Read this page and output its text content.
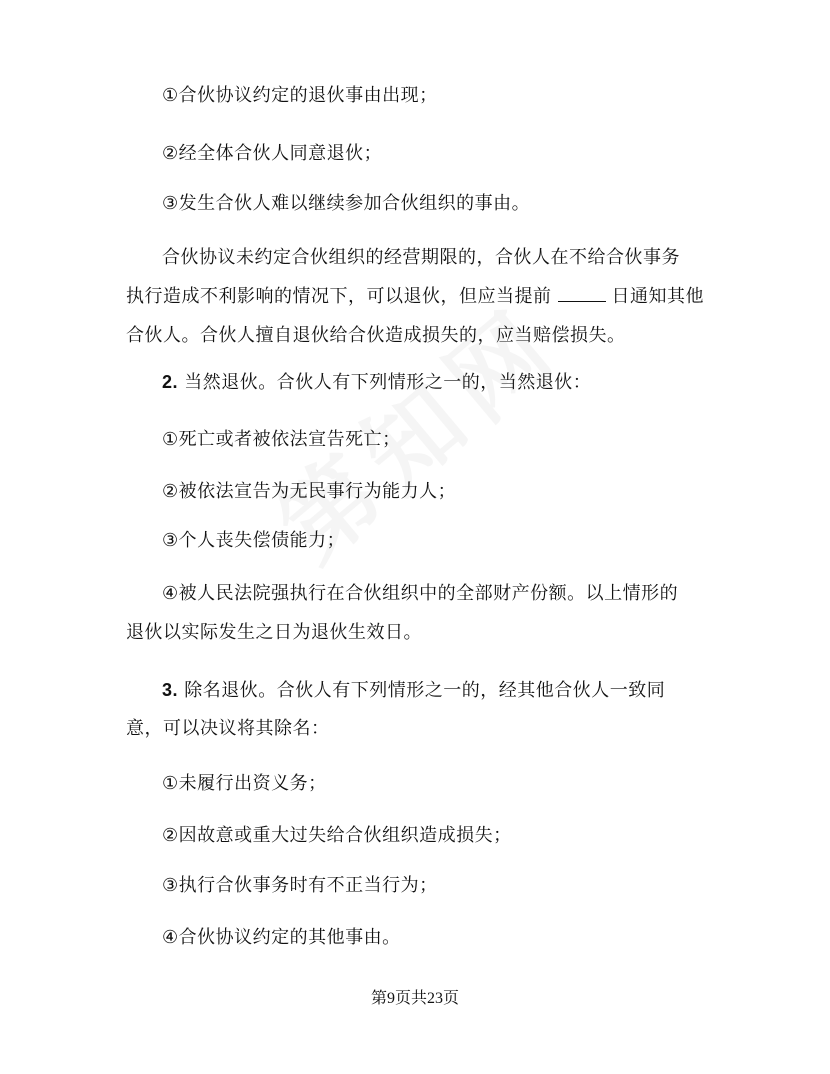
①合伙协议约定的退伙事由出现；
②经全体合伙人同意退伙；
③发生合伙人难以继续参加合伙组织的事由。
合伙协议未约定合伙组织的经营期限的，合伙人在不给合伙事务
执行造成不利影响的情况下，可以退伙，但应当提前	日通知其他
合伙人。合伙人擅自退伙给合伙造成损失的，应当赔偿损失。
2. 当然退伙。合伙人有下列情形之一的，当然退伙：
①死亡或者被依法宣告死亡；
②被依法宣告为无民事行为能力人；
③个人丧失偿债能力；
④被人民法院强执行在合伙组织中的全部财产份额。以上情形的
退伙以实际发生之日为退伙生效日。
3. 除名退伙。合伙人有下列情形之一的，经其他合伙人一致同
意，可以决议将其除名：
①未履行出资义务；
②因故意或重大过失给合伙组织造成损失；
③执行合伙事务时有不正当行为；
④合伙协议约定的其他事由。
第9页共23页
